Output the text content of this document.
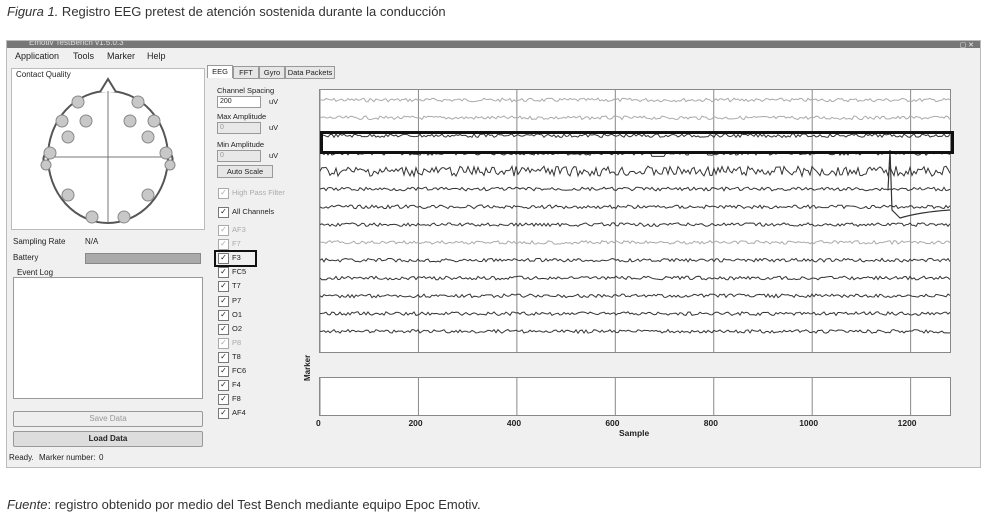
Figura 1. Registro EEG pretest de atención sostenida durante la conducción
Emotiv TestBench v1.5.0.3	_ ▢ ✕
Application Tools Marker Help
Contact Quality
Sampling Rate N/A
Battery
Event Log
Save Data
Load Data
Ready. Marker number: 0
EEG	FFT	Gyro	Data Packets
Channel Spacing
200	uV
Max Amplitude
0	uV
Min Amplitude
0	uV
Auto Scale
✓ High Pass Filter
✓ All Channels
Marker
Sample
✓ AF3
✓ F7
✓ F3
✓ FC5
✓ T7
✓ P7
✓ O1
✓ O2
✓ P8
✓ T8
✓ FC6
✓ F4
✓ F8
✓ AF4
0	200	400	600	800	1000	1200
Fuente: registro obtenido por medio del Test Bench mediante equipo Epoc Emotiv.
